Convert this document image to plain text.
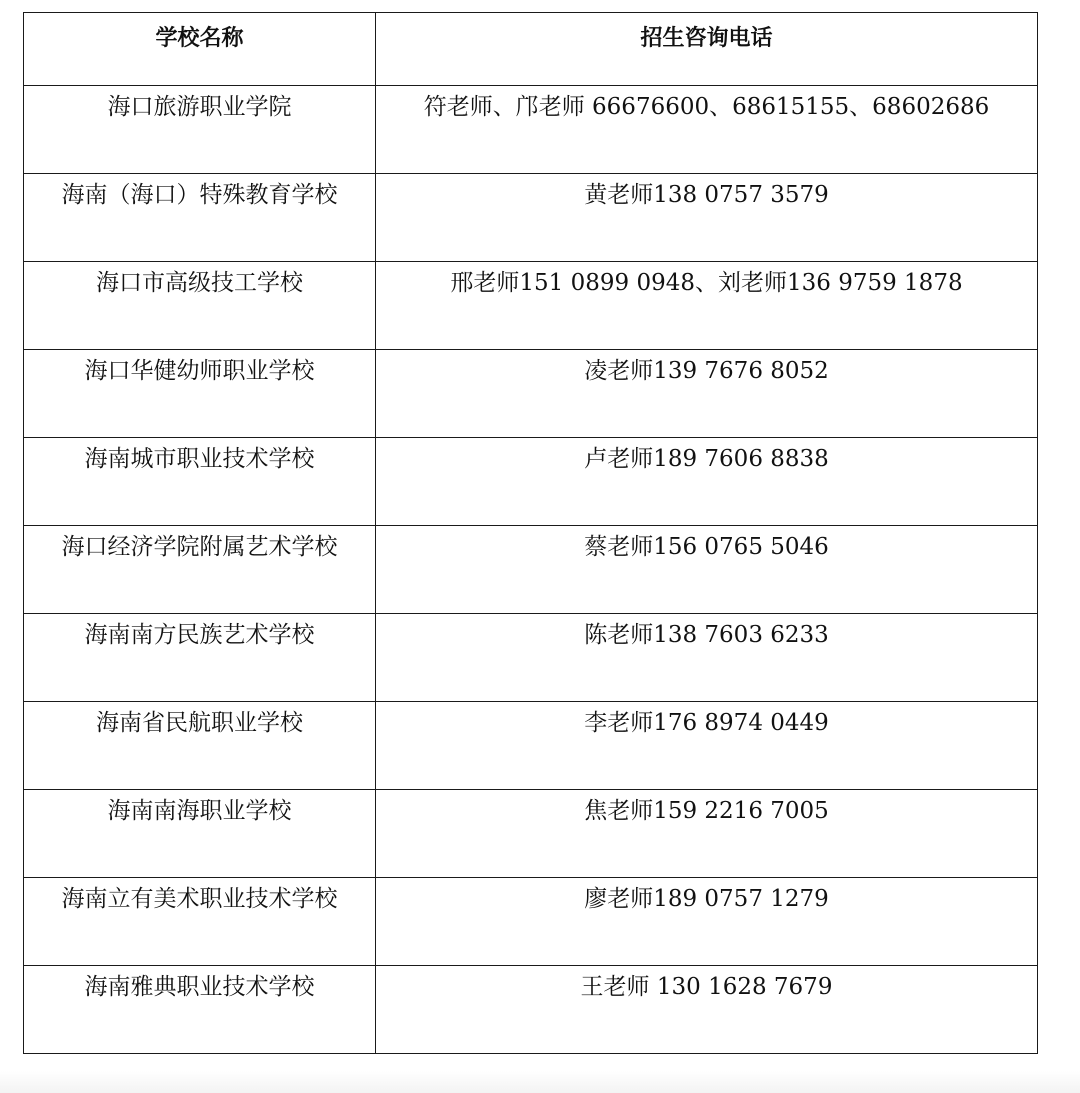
学校名称	招生咨询电话
海口旅游职业学院	符老师、邝老师 66676600、68615155、68602686
海南（海口）特殊教育学校	黄老师138 0757 3579
海口市高级技工学校	邢老师151 0899 0948、刘老师136 9759 1878
海口华健幼师职业学校	凌老师139 7676 8052
海南城市职业技术学校	卢老师189 7606 8838
海口经济学院附属艺术学校	蔡老师156 0765 5046
海南南方民族艺术学校	陈老师138 7603 6233
海南省民航职业学校	李老师176 8974 0449
海南南海职业学校	焦老师159 2216 7005
海南立有美术职业技术学校	廖老师189 0757 1279
海南雅典职业技术学校	王老师 130 1628 7679
